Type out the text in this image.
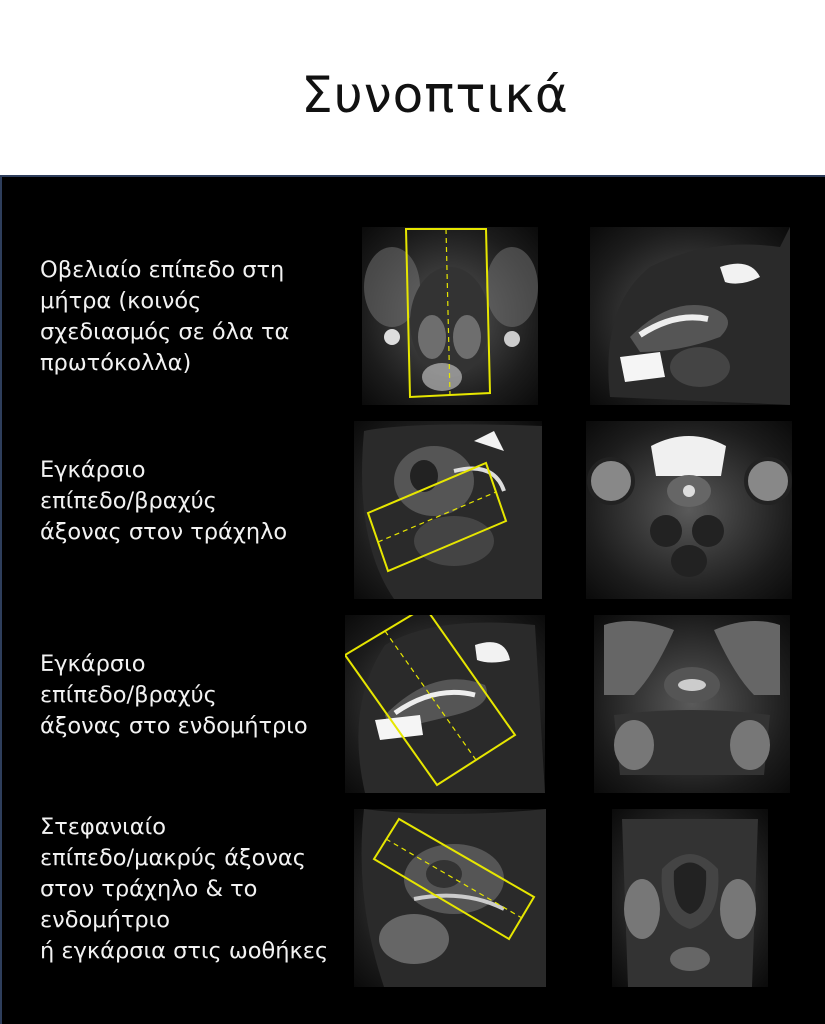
Συνοπτικά
Οβελιαίο επίπεδο στη
μήτρα (κοινός
σχεδιασμός σε όλα τα
πρωτόκολλα)
Εγκάρσιο
επίπεδο/βραχύς
άξονας στον τράχηλο
Εγκάρσιο
επίπεδο/βραχύς
άξονας στο ενδομήτριο
Στεφανιαίο
επίπεδο/μακρύς άξονας
στον τράχηλο & το
ενδομήτριο
ή εγκάρσια στις ωοθήκες
